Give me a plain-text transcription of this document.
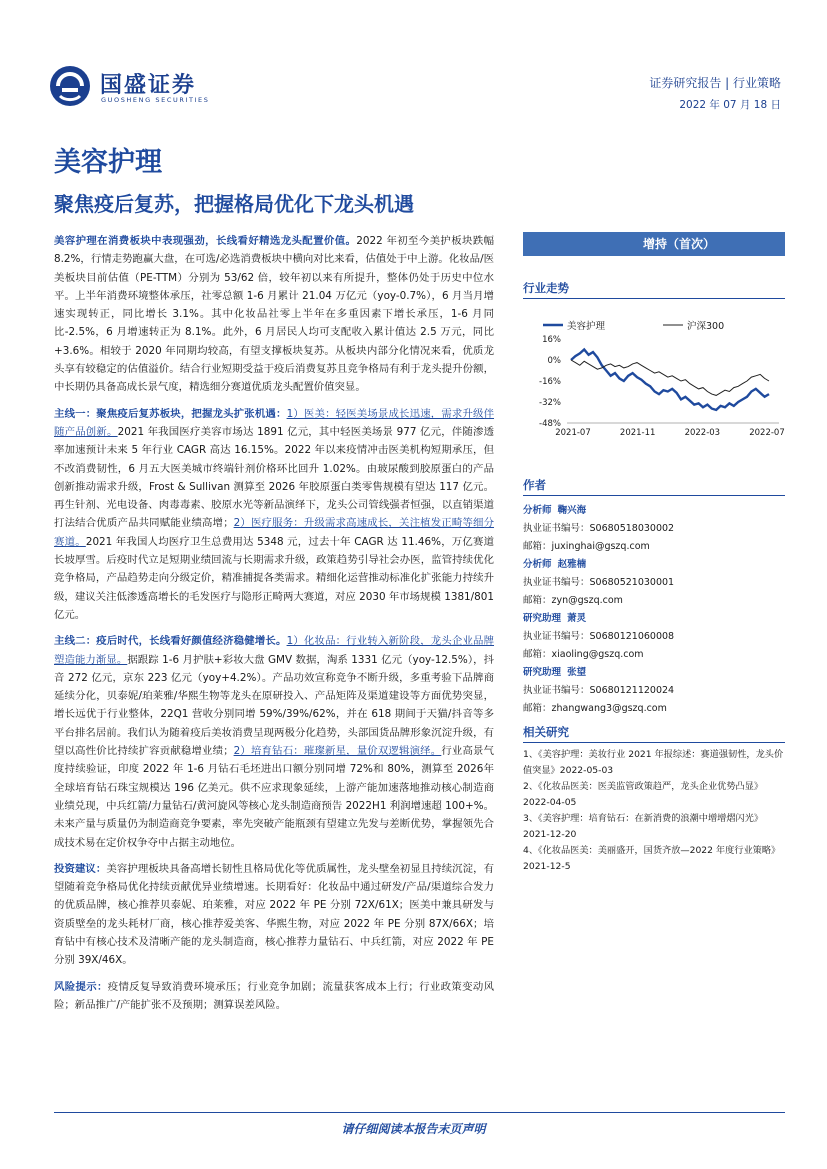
国盛证券
GUOSHENG SECURITIES
证券研究报告 | 行业策略
2022 年 07 月 18 日
美容护理
聚焦疫后复苏，把握格局优化下龙头机遇

美容护理在消费板块中表现强劲，长线看好精选龙头配置价值。2022 年初至今美护板块跌幅 8.2%，行情走势跑赢大盘，在可选/必选消费板块中横向对比来看，估值处于中上游。化妆品/医美板块目前估值（PE-TTM）分别为 53/62 倍，较年初以来有所提升，整体仍处于历史中位水平。上半年消费环境整体承压，社零总额 1-6 月累计 21.04 万亿元（yoy-0.7%），6 月当月增速实现转正，同比增长 3.1%。其中化妆品社零上半年在多重因素下增长承压，1-6 月同比-2.5%，6 月增速转正为 8.1%。此外，6 月居民人均可支配收入累计值达 2.5 万元，同比+3.6%。相较于 2020 年同期均较高，有望支撑板块复苏。从板块内部分化情况来看，优质龙头享有较稳定的估值溢价。结合行业短期受益于疫后消费复苏且竞争格局有利于龙头提升份额，中长期仍具备高成长景气度，精选细分赛道优质龙头配置价值突显。

主线一：聚焦疫后复苏板块，把握龙头扩张机遇：1）医美：轻医美场景成长迅速，需求升级伴随产品创新。2021 年我国医疗美容市场达 1891 亿元，其中轻医美场景 977 亿元，伴随渗透率加速预计未来 5 年行业 CAGR 高达 16.15%。2022 年以来疫情冲击医美机构短期承压，但不改消费韧性，6 月五大医美城市终端针剂价格环比回升 1.02%。由玻尿酸到胶原蛋白的产品创新推动需求升级，Frost & Sullivan 测算至 2026 年胶原蛋白类零售规模有望达 117 亿元。再生针剂、光电设备、肉毒毒素、胶原水光等新品演绎下，龙头公司管线强者恒强，以直销渠道打法结合优质产品共同赋能业绩高增；2）医疗服务：升级需求高速成长，关注植发正畸等细分赛道。2021 年我国人均医疗卫生总费用达 5348 元，过去十年 CAGR 达 11.46%，万亿赛道长坡厚雪。后疫时代立足短期业绩回流与长期需求升级，政策趋势引导社会办医，监管持续优化竞争格局，产品趋势走向分级定价，精准捕捉各类需求。精细化运营推动标准化扩张能力持续升级，建议关注低渗透高增长的毛发医疗与隐形正畸两大赛道，对应 2030 年市场规模 1381/801 亿元。

主线二：疫后时代，长线看好颜值经济稳健增长。1）化妆品：行业转入新阶段，龙头企业品牌塑造能力渐显。据跟踪 1-6 月护肤+彩妆大盘 GMV 数据，淘系 1331 亿元（yoy-12.5%），抖音 272 亿元，京东 223 亿元（yoy+4.2%）。产品功效宣称竞争不断升级，多重考验下品牌商延续分化，贝泰妮/珀莱雅/华熙生物等龙头在原研投入、产品矩阵及渠道建设等方面优势突显，增长远优于行业整体，22Q1 营收分别同增 59%/39%/62%，并在 618 期间于天猫/抖音等多平台排名居前。我们认为随着疫后美妆消费呈现两极分化趋势，头部国货品牌形象沉淀升级，有望以高性价比持续扩容贡献稳增业绩；2）培育钻石：璀璨新星，量价双逻辑演绎。行业高景气度持续验证，印度 2022 年 1-6 月钻石毛坯进出口额分别同增 72%和 80%，测算至 2026年全球培育钻石珠宝规模达 196 亿美元。供不应求现象延续，上游产能加速落地推动核心制造商业绩兑现，中兵红箭/力量钻石/黄河旋风等核心龙头制造商预告 2022H1 利润增速超 100+%。未来产量与质量仍为制造商竞争要素，率先突破产能瓶颈有望建立先发与差断优势，掌握领先合成技术易在定价权争夺中占据主动地位。

投资建议：美容护理板块具备高增长韧性且格局优化等优质属性，龙头壁垒初显且持续沉淀，有望随着竞争格局优化持续贡献优异业绩增速。长期看好：化妆品中通过研发/产品/渠道综合发力的优质品牌，核心推荐贝泰妮、珀莱雅，对应 2022 年 PE 分别 72X/61X；医美中兼具研发与资质壁垒的龙头耗材厂商，核心推荐爱美客、华熙生物，对应 2022 年 PE 分别 87X/66X；培育钻中有核心技术及清晰产能的龙头制造商，核心推荐力量钻石、中兵红箭，对应 2022 年 PE 分别 39X/46X。

风险提示：疫情反复导致消费环境承压；行业竞争加剧；流量获客成本上行；行业政策变动风险；新品推广/产能扩张不及预期；测算误差风险。

增持（首次）
行业走势
美容护理	沪深300
16%
0%
-16%
-32%
-48%
2021-07	2021-11	2022-03	2022-07
作者
分析师 鞠兴海
执业证书编号：S0680518030002
邮箱：juxinghai@gszq.com
分析师 赵雅楠
执业证书编号：S0680521030001
邮箱：zyn@gszq.com
研究助理 萧灵
执业证书编号：S0680121060008
邮箱：xiaoling@gszq.com
研究助理 张望
执业证书编号：S0680121120024
邮箱：zhangwang3@gszq.com
相关研究
1、《美容护理：美妆行业 2021 年报综述：赛道强韧性，龙头价值突显》2022-05-03
2、《化妆品医美：医美监管政策趋严，龙头企业优势凸显》2022-04-05
3、《美容护理：培育钻石：在新消费的浪潮中增增熠闪光》2021-12-20
4、《化妆品医美：美丽盛开，国货齐放—2022 年度行业策略》2021-12-5
请仔细阅读本报告末页声明
